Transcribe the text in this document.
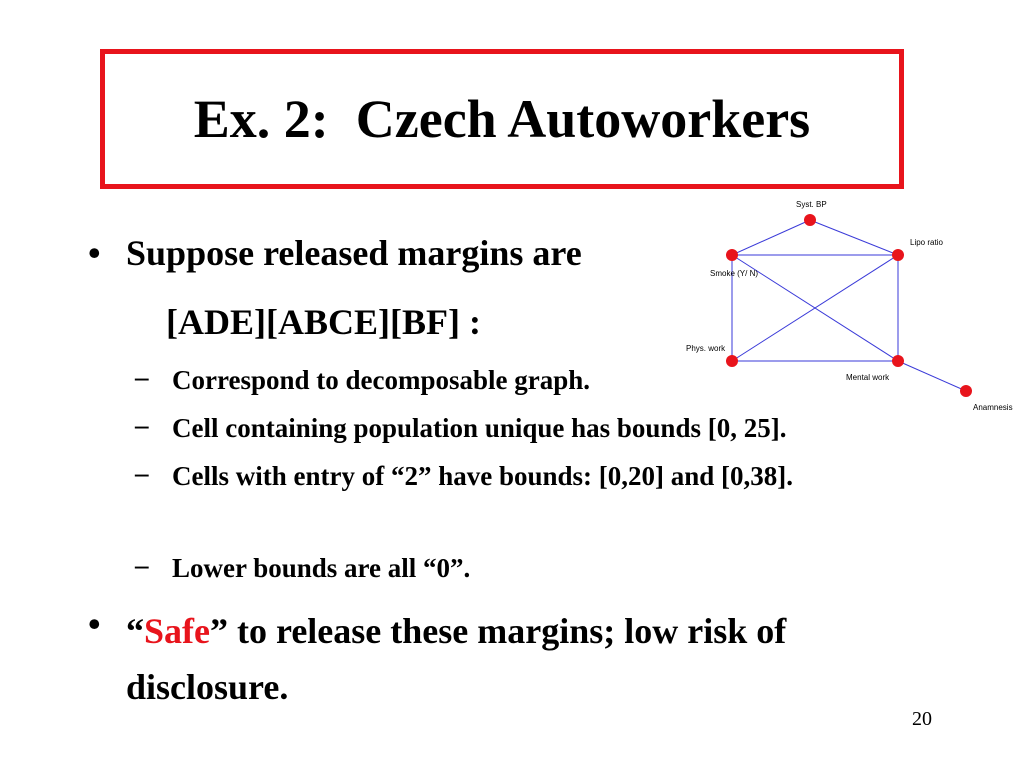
Ex. 2:  Czech Autoworkers
• Suppose released margins are
[ADE][ABCE][BF] :
– Correspond to decomposable graph.
– Cell containing population unique has bounds [0, 25].
– Cells with entry of “2” have bounds: [0,20] and [0,38].
– Lower bounds are all “0”.
• “Safe” to release these margins; low risk of disclosure.
20
Syst. BP
Lipo ratio
Smoke (Y/ N)
Phys. work
Mental work
Anamnesis
